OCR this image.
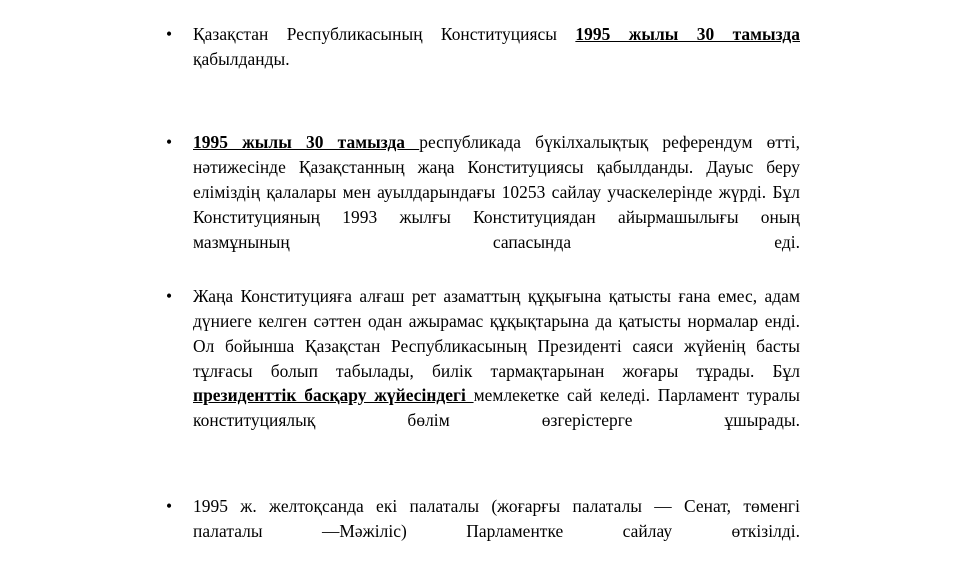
•	Қазақстан Республикасының Конституциясы 1995 жылы 30 тамызда қабылданды.
•	1995 жылы 30 тамызда республикада бүкілхалықтық референдум өтті, нәтижесінде Қазақстанның жаңа Конституциясы қабылданды. Дауыс беру еліміздің қалалары мен ауылдарындағы 10253 сайлау учаскелерінде жүрді. Бұл Конституцияның 1993 жылғы Конституциядан айырмашылығы оның мазмұнының сапасында еді.
•	Жаңа Конституцияға алғаш рет азаматтың құқығына қатысты ғана емес, адам дүниеге келген сәттен одан ажырамас құқықтарына да қатысты нормалар енді. Ол бойынша Қазақстан Республикасының Президенті саяси жүйенің басты тұлғасы болып табылады, билік тармақтарынан жоғары тұрады. Бұл президенттік басқару жүйесіндегі мемлекетке сай келеді. Парламент туралы конституциялық бөлім өзгерістерге ұшырады.
•	1995 ж. желтоқсанда екі палаталы (жоғарғы палаталы — Сенат, төменгі палаталы —Мәжіліс) Парламентке сайлау өткізілді.
